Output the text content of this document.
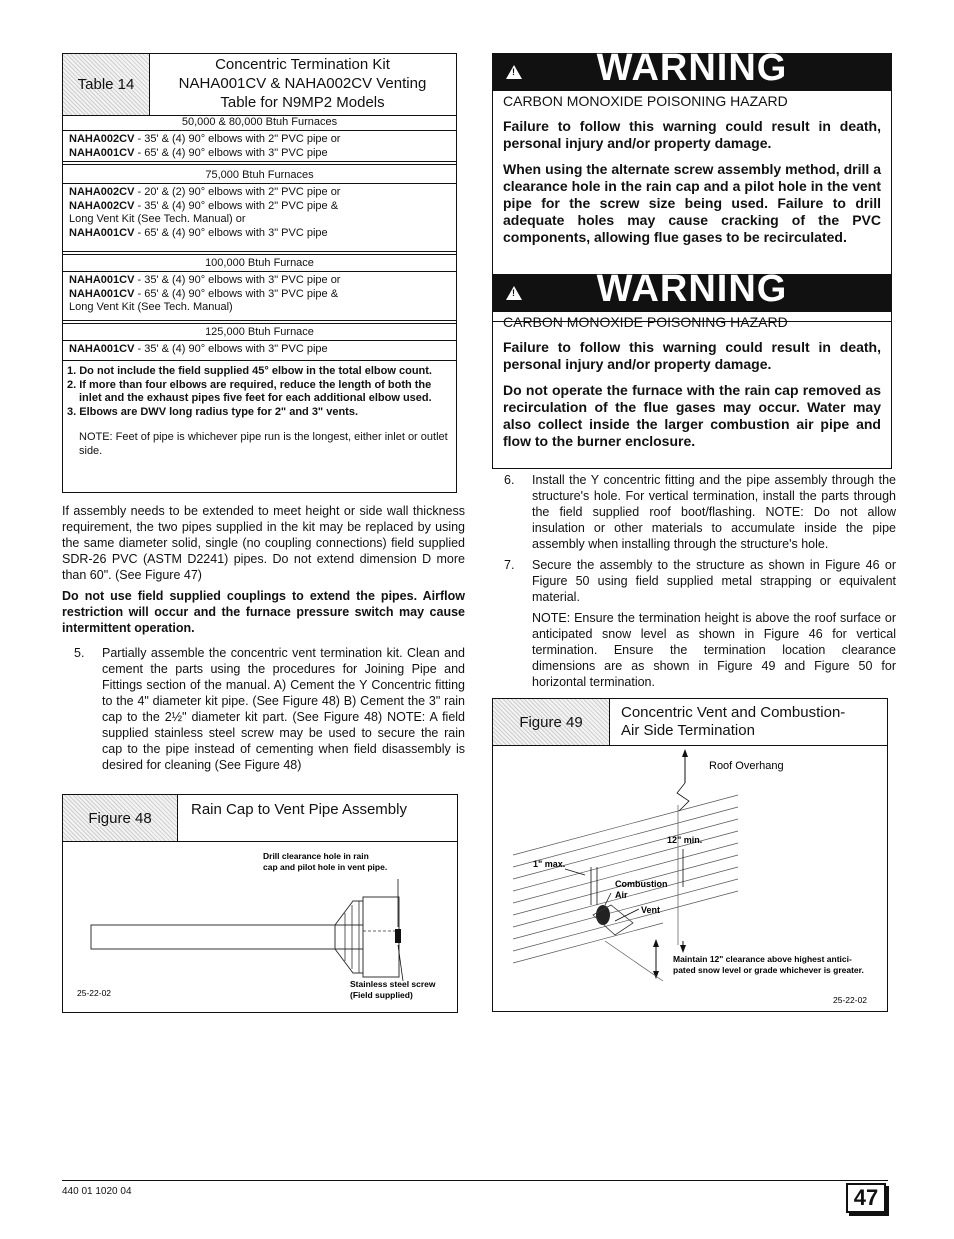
Table 14
Concentric Termination Kit
NAHA001CV & NAHA002CV Venting
Table for N9MP2 Models
50,000 & 80,000 Btuh Furnaces
NAHA002CV - 35' & (4) 90° elbows with 2" PVC pipe or
NAHA001CV - 65' & (4) 90° elbows with 3" PVC pipe
75,000 Btuh Furnaces
NAHA002CV - 20' & (2) 90° elbows with 2" PVC pipe or
NAHA002CV - 35' & (4) 90° elbows with 2" PVC pipe &
Long Vent Kit (See Tech. Manual) or
NAHA001CV - 65' & (4) 90° elbows with 3" PVC pipe
100,000 Btuh Furnace
NAHA001CV - 35' & (4) 90° elbows with 3" PVC pipe or
NAHA001CV - 65' & (4) 90° elbows with 3" PVC pipe &
Long Vent Kit (See Tech. Manual)
125,000 Btuh Furnace
NAHA001CV - 35' & (4) 90° elbows with 3" PVC pipe
1. Do not include the field supplied 45° elbow in the total elbow count.
2. If more than four elbows are required, reduce the length of both the inlet and the exhaust pipes five feet for each additional elbow used.
3. Elbows are DWV long radius type for 2" and 3" vents.
NOTE: Feet of pipe is whichever pipe run is the longest, either inlet or outlet side.
If assembly needs to be extended to meet height or side wall thickness requirement, the two pipes supplied in the kit may be replaced by using the same diameter solid, single (no coupling connections) field supplied SDR-26 PVC (ASTM D2241) pipes. Do not extend dimension D more than 60". (See Figure 47)
Do not use field supplied couplings to extend the pipes. Airflow restriction will occur and the furnace pressure switch may cause intermittent operation.
5. Partially assemble the concentric vent termination kit. Clean and cement the parts using the procedures for Joining Pipe and Fittings section of the manual. A) Cement the Y Concentric fitting to the 4" diameter kit pipe. (See Figure 48) B) Cement the 3" rain cap to the 2½" diameter kit part. (See Figure 48) NOTE: A field supplied stainless steel screw may be used to secure the rain cap to the pipe instead of cementing when field disassembly is desired for cleaning (See Figure 48)
Figure 48	Rain Cap to Vent Pipe Assembly
Drill clearance hole in rain
cap and pilot hole in vent pipe.
Stainless steel screw
(Field supplied)
25-22-02
!
WARNING
CARBON MONOXIDE POISONING HAZARD

Failure to follow this warning could result in death, personal injury and/or property damage.

When using the alternate screw assembly method, drill a clearance hole in the rain cap and a pilot hole in the vent pipe for the screw size being used. Failure to drill adequate holes may cause cracking of the PVC components, allowing flue gases to be recirculated.

!
WARNING
CARBON MONOXIDE POISONING HAZARD

Failure to follow this warning could result in death, personal injury and/or property damage.

Do not operate the furnace with the rain cap removed as recirculation of the flue gases may occur. Water may also collect inside the larger combustion air pipe and flow to the burner enclosure.

6. Install the Y concentric fitting and the pipe assembly through the structure's hole. For vertical termination, install the parts through the field supplied roof boot/flashing. NOTE: Do not allow insulation or other materials to accumulate inside the pipe assembly when installing through the structure's hole.
7. Secure the assembly to the structure as shown in Figure 46 or Figure 50 using field supplied metal strapping or equivalent material.
NOTE: Ensure the termination height is above the roof surface or anticipated snow level as shown in Figure 46 for vertical termination. Ensure the termination location clearance dimensions are as shown in Figure 49 and Figure 50 for horizontal termination.
Figure 49
Concentric Vent and Combustion-
Air Side Termination
Roof Overhang
12" min.
1" max.
Combustion
Air
Vent
Maintain 12" clearance above highest antici-
pated snow level or grade whichever is greater.
25-22-02
440 01 1020 04	47
